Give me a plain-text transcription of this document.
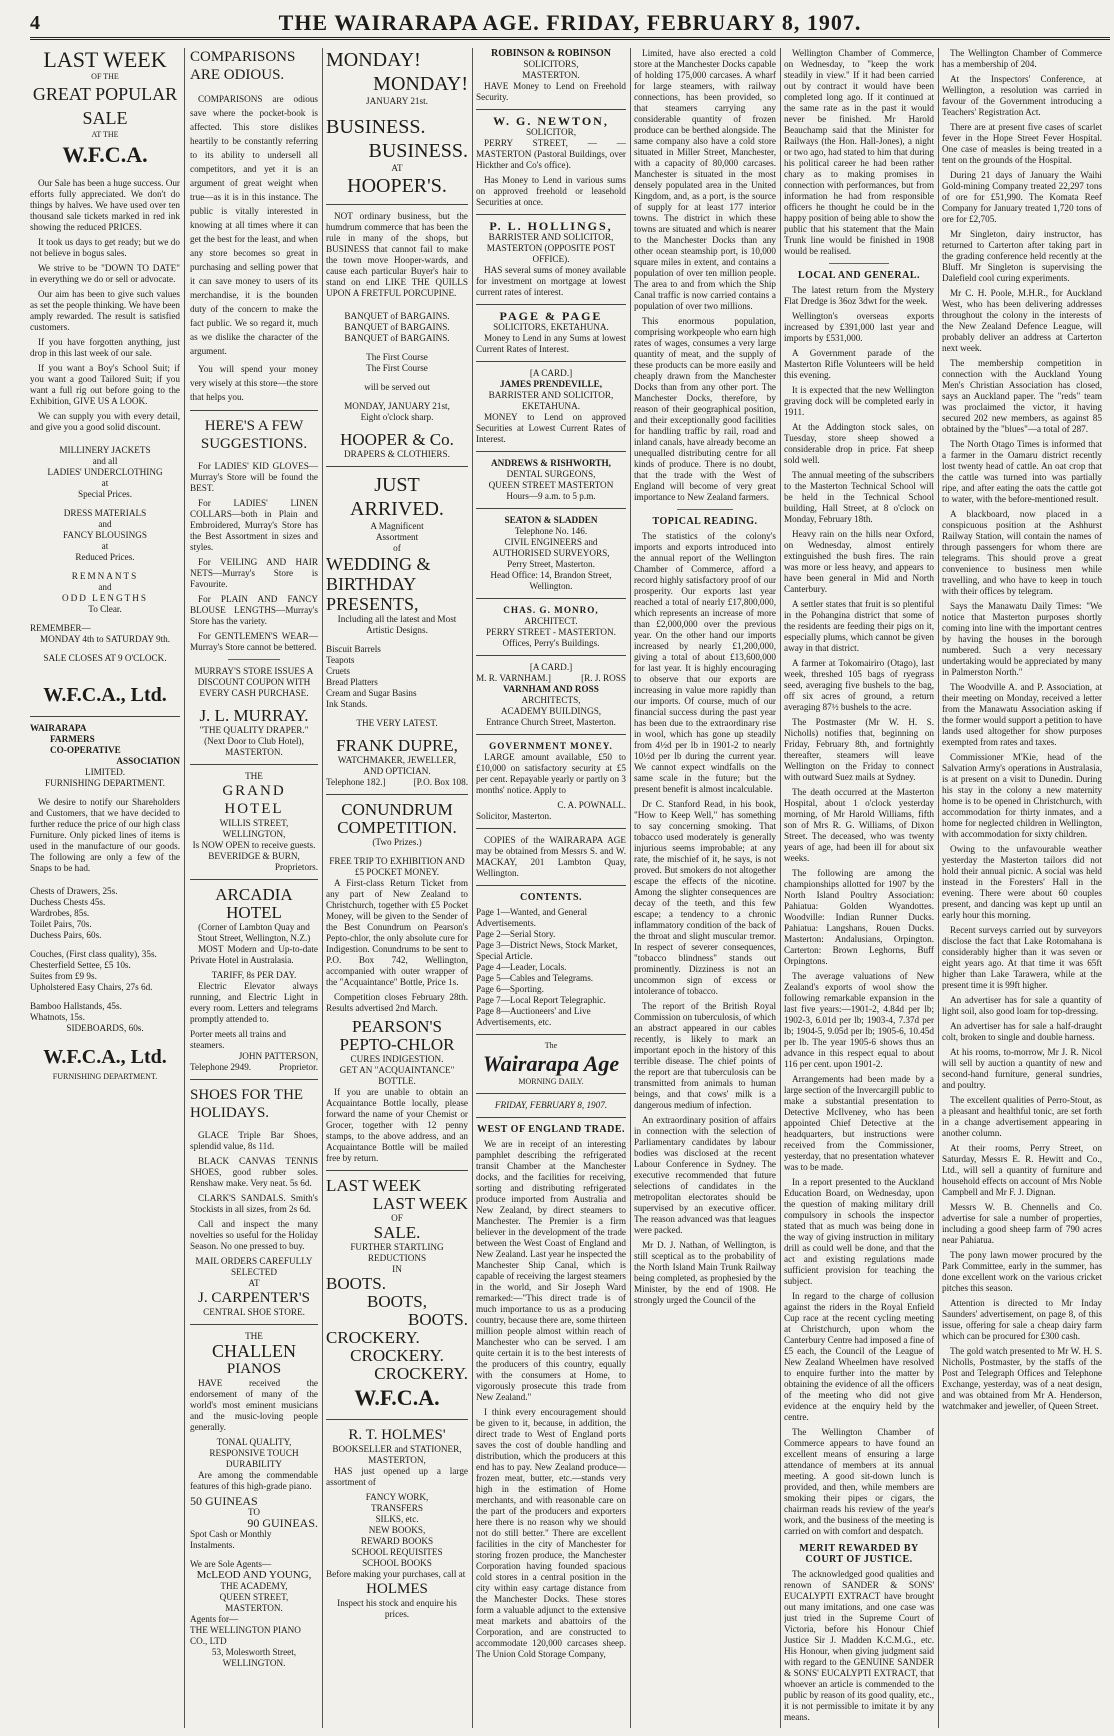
4	THE WAIRARAPA AGE. FRIDAY, FEBRUARY 8, 1907.
LAST WEEK
OF THE
GREAT POPULAR
SALE
AT THE
W.F.C.A.
Our Sale has been a huge success. Our efforts fully appreciated. We don't do things by halves. We have used over ten thousand sale tickets marked in red ink showing the reduced PRICES.
It took us days to get ready; but we do not believe in bogus sales.
We strive to be "DOWN TO DATE" in everything we do or sell or advocate.
Our aim has been to give such values as set the people thinking. We have been amply rewarded. The result is satisfied customers.
If you have forgotten anything, just drop in this last week of our sale.
If you want a Boy's School Suit; if you want a good Tailored Suit; if you want a full rig out before going to the Exhibition, GIVE US A LOOK.
We can supply you with every detail, and give you a good solid discount.
MILLINERY JACKETS
and all
LADIES' UNDERCLOTHING
at
Special Prices.
DRESS MATERIALS
and
FANCY BLOUSINGS
at
Reduced Prices.
REMNANTS
and
ODD LENGTHS
To Clear.
REMEMBER—
MONDAY 4th to SATURDAY 9th.
SALE CLOSES AT 9 O'CLOCK.
W.F.C.A., Ltd.
WAIRARAPA
FARMERS
CO-OPERATIVE
ASSOCIATION
LIMITED.
FURNISHING DEPARTMENT.
We desire to notify our Shareholders and Customers, that we have decided to further reduce the price of our high class Furniture. Only picked lines of items is used in the manufacture of our goods. The following are only a few of the Snaps to be had.
Chests of Drawers, 25s.
Duchess Chests 45s.
Wardrobes, 85s.
Toilet Pairs, 70s.
Duchess Pairs, 60s.
Couches, (First class quality), 35s.
Chesterfield Settee, £5 10s.
Suites from £9 9s.
Upholstered Easy Chairs, 27s 6d.
Bamboo Hallstands, 45s.
Whatnots, 15s.
SIDEBOARDS, 60s.
W.F.C.A., Ltd.
FURNISHING DEPARTMENT.
COMPARISONS ARE ODIOUS.
COMPARISONS are odious save where the pocket-book is affected. This store dislikes heartily to be constantly referring to its ability to undersell all competitors, and yet it is an argument of great weight when true—as it is in this instance. The public is vitally interested in knowing at all times where it can get the best for the least, and when any store becomes so great in purchasing and selling power that it can save money to users of its merchandise, it is the bounden duty of the concern to make the fact public. We so regard it, much as we dislike the character of the argument.
You will spend your money very wisely at this store—the store that helps you.
HERE'S A FEW SUGGESTIONS.
For LADIES' KID GLOVES—Murray's Store will be found the BEST.
For LADIES' LINEN COLLARS—both in Plain and Embroidered, Murray's Store has the Best Assortment in sizes and styles.
For VEILING AND HAIR NETS—Murray's Store is Favourite.
For PLAIN AND FANCY BLOUSE LENGTHS—Murray's Store has the variety.
For GENTLEMEN'S WEAR—Murray's Store cannot be bettered.
MURRAY'S STORE ISSUES A DISCOUNT COUPON WITH EVERY CASH PURCHASE.
J. L. MURRAY.
"THE QUALITY DRAPER."
(Next Door to Club Hotel),
MASTERTON.
THE
GRAND HOTEL
WILLIS STREET, WELLINGTON,
Is NOW OPEN to receive guests.
BEVERIDGE & BURN,
Proprietors.
ARCADIA HOTEL
(Corner of Lambton Quay and Stout Street, Wellington, N.Z.)
MOST Modern and Up-to-date Private Hotel in Australasia.
TARIFF, 8s PER DAY.
Electric Elevator always running, and Electric Light in every room. Letters and telegrams promptly attended to.
Porter meets all trains and steamers.
JOHN PATTERSON,
Telephone 2949.	Proprietor.
SHOES FOR THE HOLIDAYS.
GLACE Triple Bar Shoes, splendid value, 8s 11d.
BLACK CANVAS TENNIS SHOES, good rubber soles. Renshaw make. Very neat. 5s 6d.
CLARK'S SANDALS. Smith's Stockists in all sizes, from 2s 6d.
Call and inspect the many novelties so useful for the Holiday Season. No one pressed to buy.
MAIL ORDERS CAREFULLY SELECTED
AT
J. CARPENTER'S
CENTRAL SHOE STORE.
THE
CHALLEN
PIANOS
HAVE received the endorsement of many of the world's most eminent musicians and the music-loving people generally.
TONAL QUALITY,
RESPONSIVE TOUCH
DURABILITY
Are among the commendable features of this high-grade piano.
50 GUINEAS
TO
90 GUINEAS.
Spot Cash or Monthly Instalments.
We are Sole Agents—
McLEOD AND YOUNG,
THE ACADEMY,
QUEEN STREET, MASTERTON.
Agents for—
THE WELLINGTON PIANO CO., LTD
53, Molesworth Street,
WELLINGTON.
MONDAY!
MONDAY!
JANUARY 21st.
BUSINESS.
BUSINESS.
AT
HOOPER'S.
NOT ordinary business, but the humdrum commerce that has been the rule in many of the shops, but BUSINESS that cannot fail to make the town move Hooper-wards, and cause each particular Buyer's hair to stand on end LIKE THE QUILLS UPON A FRETFUL PORCUPINE.
BANQUET of BARGAINS.
BANQUET of BARGAINS.
BANQUET of BARGAINS.
The First Course
The First Course
will be served out
MONDAY, JANUARY 21st,
Eight o'clock sharp.
HOOPER & Co.
DRAPERS & CLOTHIERS.
JUST ARRIVED.
A Magnificent
Assortment
of
WEDDING & BIRTHDAY PRESENTS,
Including all the latest and Most Artistic Designs.
Biscuit Barrels
Teapots
Cruets
Bread Platters
Cream and Sugar Basins
Ink Stands.
THE VERY LATEST.
FRANK DUPRE,
WATCHMAKER, JEWELLER,
AND OPTICIAN.
Telephone 182.]	[P.O. Box 108.
CONUNDRUM
COMPETITION.
(Two Prizes.)
FREE TRIP TO EXHIBITION AND £5 POCKET MONEY.
A First-class Return Ticket from any part of New Zealand to Christchurch, together with £5 Pocket Money, will be given to the Sender of the Best Conundrum on Pearson's Pepto-chlor, the only absolute cure for Indigestion. Conundrums to be sent to P.O. Box 742, Wellington, accompanied with outer wrapper of the "Acquaintance" Bottle, Price 1s.
Competition closes February 28th. Results advertised 2nd March.
PEARSON'S
PEPTO-CHLOR
CURES INDIGESTION.
GET AN "ACQUAINTANCE" BOTTLE.
If you are unable to obtain an Acquaintance Bottle locally, please forward the name of your Chemist or Grocer, together with 12 penny stamps, to the above address, and an Acquaintance Bottle will be mailed free by return.
LAST WEEK
LAST WEEK
OF
SALE.
FURTHER STARTLING REDUCTIONS
IN
BOOTS.
BOOTS,
BOOTS.
CROCKERY.
CROCKERY.
CROCKERY.
W.F.C.A.
R. T. HOLMES'
BOOKSELLER and STATIONER,
MASTERTON,
HAS just opened up a large assortment of
FANCY WORK,
TRANSFERS
SILKS, etc.
NEW BOOKS,
REWARD BOOKS
SCHOOL REQUISITES
SCHOOL BOOKS
Before making your purchases, call at
HOLMES
Inspect his stock and enquire his prices.
ROBINSON & ROBINSON
SOLICITORS,
MASTERTON.
HAVE Money to Lend on Freehold Security.
W. G. NEWTON,
SOLICITOR,
PERRY STREET, — — MASTERTON (Pastoral Buildings, over Hickther and Co's office).
Has Money to Lend in various sums on approved freehold or leasehold Securities at once.
P. L. HOLLINGS,
BARRISTER AND SOLICITOR,
MASTERTON (OPPOSITE POST OFFICE).
HAS several sums of money available for investment on mortgage at lowest current rates of interest.
PAGE & PAGE
SOLICITORS, EKETAHUNA.
Money to Lend in any Sums at lowest Current Rates of Interest.
[A CARD.]
JAMES PRENDEVILLE,
BARRISTER AND SOLICITOR,
EKETAHUNA.
MONEY to Lend on approved Securities at Lowest Current Rates of Interest.
ANDREWS & RISHWORTH,
DENTAL SURGEONS,
QUEEN STREET MASTERTON
Hours—9 a.m. to 5 p.m.
SEATON & SLADDEN
Telephone No. 146.
CIVIL ENGINEERS and AUTHORISED SURVEYORS,
Perry Street, Masterton.
Head Office: 14, Brandon Street, Wellington.
CHAS. G. MONRO,
ARCHITECT.
PERRY STREET - MASTERTON.
Offices, Perry's Buildings.
[A CARD.]
M. R. VARNHAM.]	[R. J. ROSS
VARNHAM AND ROSS
ARCHITECTS,
ACADEMY BUILDINGS,
Entrance Church Street, Masterton.
GOVERNMENT MONEY.
LARGE amount available, £50 to £10,000 on satisfactory security at £5 per cent. Repayable yearly or partly on 3 months' notice. Apply to
C. A. POWNALL.
Solicitor, Masterton.
COPIES of the WAIRARAPA AGE may be obtained from Messrs S. and W. MACKAY, 201 Lambton Quay, Wellington.
CONTENTS.
Page 1—Wanted, and General Advertisements.
Page 2—Serial Story.
Page 3—District News, Stock Market, Special Article.
Page 4—Leader, Locals.
Page 5—Cables and Telegrams.
Page 6—Sporting.
Page 7—Local Report Telegraphic.
Page 8—Auctioneers' and Live Advertisements, etc.
The
Wairarapa Age
MORNING DAILY.
FRIDAY, FEBRUARY 8, 1907.
WEST OF ENGLAND TRADE.
We are in receipt of an interesting pamphlet describing the refrigerated transit Chamber at the Manchester docks, and the facilities for receiving, sorting and distributing refrigerated produce imported from Australia and New Zealand, by direct steamers to Manchester. The Premier is a firm believer in the development of the trade between the West Coast of England and New Zealand. Last year he inspected the Manchester Ship Canal, which is capable of receiving the largest steamers in the world, and Sir Joseph Ward remarked:—"This direct trade is of much importance to us as a producing country, because there are, some thirteen million people almost within reach of Manchester who can be served. I am quite certain it is to the best interests of the producers of this country, equally with the consumers at Home, to vigorously prosecute this trade from New Zealand."
I think every encouragement should be given to it, because, in addition, the direct trade to West of England ports saves the cost of double handling and distribution, which the producers at this end has to pay. New Zealand produce—frozen meat, butter, etc.—stands very high in the estimation of Home merchants, and with reasonable care on the part of the producers and exporters here there is no reason why we should not do still better." There are excellent facilities in the city of Manchester for storing frozen produce, the Manchester Corporation having founded spacious cold stores in a central position in the city within easy cartage distance from the Manchester Docks. These stores form a valuable adjunct to the extensive meat markets and abattoirs of the Corporation, and are constructed to accommodate 120,000 carcases sheep. The Union Cold Storage Company,
Limited, have also erected a cold store at the Manchester Docks capable of holding 175,000 carcases. A wharf for large steamers, with railway connections, has been provided, so that steamers carrying any considerable quantity of frozen produce can be berthed alongside. The same company also have a cold store situated in Miller Street, Manchester, with a capacity of 80,000 carcases. Manchester is situated in the most densely populated area in the United Kingdom, and, as a port, is the source of supply for at least 177 interior towns. The district in which these towns are situated and which is nearer to the Manchester Docks than any other ocean steamship port, is 10,000 square miles in extent, and contains a population of over ten million people. The area to and from which the Ship Canal traffic is now carried contains a population of over two millions.
This enormous population, comprising workpeople who earn high rates of wages, consumes a very large quantity of meat, and the supply of these products can be more easily and cheaply drawn from the Manchester Docks than from any other port. The Manchester Docks, therefore, by reason of their geographical position, and their exceptionally good facilities for handling traffic by rail, road and inland canals, have already become an unequalled distributing centre for all kinds of produce. There is no doubt, that the trade with the West of England will become of very great importance to New Zealand farmers.
TOPICAL READING.
The statistics of the colony's imports and exports introduced into the annual report of the Wellington Chamber of Commerce, afford a record highly satisfactory proof of our prosperity. Our exports last year reached a total of nearly £17,800,000, which represents an increase of more than £2,000,000 over the previous year. On the other hand our imports increased by nearly £1,200,000, giving a total of about £13,600,000 for last year. It is highly encouraging to observe that our exports are increasing in value more rapidly than our imports. Of course, much of our financial success during the past year has been due to the extraordinary rise in wool, which has gone up steadily from 4½d per lb in 1901-2 to nearly 10½d per lb during the current year. We cannot expect windfalls on the same scale in the future; but the present benefit is almost incalculable.
Dr C. Stanford Read, in his book, "How to Keep Well," has something to say concerning smoking. That tobacco used moderately is generally injurious seems improbable; at any rate, the mischief of it, he says, is not proved. But smokers do not altogether escape the effects of the nicotine. Among the slighter consequences are decay of the teeth, and this few escape; a tendency to a chronic inflammatory condition of the back of the throat and slight muscular tremor. In respect of severer consequences, "tobacco blindness" stands out prominently. Dizziness is not an uncommon sign of excess or intolerance of tobacco.
The report of the British Royal Commission on tuberculosis, of which an abstract appeared in our cables recently, is likely to mark an important epoch in the history of this terrible disease. The chief points of the report are that tuberculosis can be transmitted from animals to human beings, and that cows' milk is a dangerous medium of infection.
An extraordinary position of affairs in connection with the selection of Parliamentary candidates by labour bodies was disclosed at the recent Labour Conference in Sydney. The executive recommended that future selections of candidates in the metropolitan electorates should be supervised by an executive officer. The reason advanced was that leagues were packed.
Mr D. J. Nathan, of Wellington, is still sceptical as to the probability of the North Island Main Trunk Railway being completed, as prophesied by the Minister, by the end of 1908. He strongly urged the Council of the
Wellington Chamber of Commerce, on Wednesday, to "keep the work steadily in view." If it had been carried out by contract it would have been completed long ago. If it continued at the same rate as in the past it would never be finished. Mr Harold Beauchamp said that the Minister for Railways (the Hon. Hall-Jones), a night or two ago, had stated to him that during his political career he had been rather chary as to making promises in connection with performances, but from information he had from responsible officers he thought he could be in the happy position of being able to show the public that his statement that the Main Trunk line would be finished in 1908 would be realised.
LOCAL AND GENERAL.
The latest return from the Mystery Flat Dredge is 36oz 3dwt for the week.
Wellington's overseas exports increased by £391,000 last year and imports by £531,000.
A Government parade of the Masterton Rifle Volunteers will be held this evening.
It is expected that the new Wellington graving dock will be completed early in 1911.
At the Addington stock sales, on Tuesday, store sheep showed a considerable drop in price. Fat sheep sold well.
The annual meeting of the subscribers to the Masterton Technical School will be held in the Technical School building, Hall Street, at 8 o'clock on Monday, February 18th.
Heavy rain on the hills near Oxford, on Wednesday, almost entirely extinguished the bush fires. The rain was more or less heavy, and appears to have been general in Mid and North Canterbury.
A settler states that fruit is so plentiful in the Pohangina district that some of the residents are feeding their pigs on it, especially plums, which cannot be given away in that district.
A farmer at Tokomairiro (Otago), last week, threshed 105 bags of ryegrass seed, averaging five bushels to the bag, off six acres of ground, a return averaging 87½ bushels to the acre.
The Postmaster (Mr W. H. S. Nicholls) notifies that, beginning on Friday, February 8th, and fortnightly thereafter, steamers will leave Wellington on the Friday to connect with outward Suez mails at Sydney.
The death occurred at the Masterton Hospital, about 1 o'clock yesterday morning, of Mr Harold Williams, fifth son of Mrs R. G. Williams, of Dixon Street. The deceased, who was twenty years of age, had been ill for about six weeks.
The following are among the championships allotted for 1907 by the North Island Poultry Association: Pahiatua: Golden Wyandottes. Woodville: Indian Runner Ducks. Pahiatua: Langshans, Rouen Ducks. Masterton: Andalusians, Orpington. Carterton: Brown Leghorns, Buff Orpingtons.
The average valuations of New Zealand's exports of wool show the following remarkable expansion in the last five years:—1901-2, 4.84d per lb; 1902-3, 6.01d per lb; 1903-4, 7.37d per lb; 1904-5, 9.05d per lb; 1905-6, 10.45d per lb. The year 1905-6 shows thus an advance in this respect equal to about 116 per cent. upon 1901-2.
Arrangements had been made by a large section of the Invercargill public to make a substantial presentation to Detective McIlveney, who has been appointed Chief Detective at the headquarters, but instructions were received from the Commissioner, yesterday, that no presentation whatever was to be made.
In a report presented to the Auckland Education Board, on Wednesday, upon the question of making military drill compulsory in schools the inspector stated that as much was being done in the way of giving instruction in military drill as could well be done, and that the act and existing regulations made sufficient provision for teaching the subject.
In regard to the charge of collusion against the riders in the Royal Enfield Cup race at the recent cycling meeting at Christchurch, upon whom the Canterbury Centre had imposed a fine of £5 each, the Council of the League of New Zealand Wheelmen have resolved to enquire further into the matter by obtaining the evidence of all the officers of the meeting who did not give evidence at the enquiry held by the centre.
The Wellington Chamber of Commerce appears to have found an excellent means of ensuring a large attendance of members at its annual meeting. A good sit-down lunch is provided, and then, while members are smoking their pipes or cigars, the chairman reads his review of the year's work, and the business of the meeting is carried on with comfort and despatch.
MERIT REWARDED BY COURT OF JUSTICE.
The acknowledged good qualities and renown of SANDER & SONS' EUCALYPTI EXTRACT have brought out many imitations, and one case was just tried in the Supreme Court of Victoria, before his Honour Chief Justice Sir J. Madden K.C.M.G., etc. His Honour, when giving judgment said with regard to the GENUINE SANDER & SONS' EUCALYPTI EXTRACT, that whoever an article is commended to the public by reason of its good quality, etc., it is not permissible to imitate it by any means.
The Wellington Chamber of Commerce has a membership of 204.
At the Inspectors' Conference, at Wellington, a resolution was carried in favour of the Government introducing a Teachers' Registration Act.
There are at present five cases of scarlet fever in the Hope Street Fever Hospital. One case of measles is being treated in a tent on the grounds of the Hospital.
During 21 days of January the Waihi Gold-mining Company treated 22,297 tons of ore for £51,990. The Komata Reef Company for January treated 1,720 tons of ore for £2,705.
Mr Singleton, dairy instructor, has returned to Carterton after taking part in the grading conference held recently at the Bluff. Mr Singleton is supervising the Dalefield cool curing experiments.
Mr C. H. Poole, M.H.R., for Auckland West, who has been delivering addresses throughout the colony in the interests of the New Zealand Defence League, will probably deliver an address at Carterton next week.
The membership competition in connection with the Auckland Young Men's Christian Association has closed, says an Auckland paper. The "reds" team was proclaimed the victor, it having secured 202 new members, as against 85 obtained by the "blues"—a total of 287.
The North Otago Times is informed that a farmer in the Oamaru district recently lost twenty head of cattle. An oat crop that the cattle was turned into was partially ripe, and after eating the oats the cattle got to water, with the before-mentioned result.
A blackboard, now placed in a conspicuous position at the Ashhurst Railway Station, will contain the names of through passengers for whom there are telegrams. This should prove a great convenience to business men while travelling, and who have to keep in touch with their offices by telegram.
Says the Manawatu Daily Times: "We notice that Masterton purposes shortly coming into line with the important centres by having the houses in the borough numbered. Such a very necessary undertaking would be appreciated by many in Palmerston North."
The Woodville A. and P. Association, at their meeting on Monday, received a letter from the Manawatu Association asking if the former would support a petition to have lands used altogether for show purposes exempted from rates and taxes.
Commissioner M'Kie, head of the Salvation Army's operations in Australasia, is at present on a visit to Dunedin. During his stay in the colony a new maternity home is to be opened in Christchurch, with accommodation for thirty inmates, and a home for neglected children in Wellington, with accommodation for sixty children.
Owing to the unfavourable weather yesterday the Masterton tailors did not hold their annual picnic. A social was held instead in the Foresters' Hall in the evening. There were about 60 couples present, and dancing was kept up until an early hour this morning.
Recent surveys carried out by surveyors disclose the fact that Lake Rotomahana is considerably higher than it was seven or eight years ago. At that time it was 65ft higher than Lake Tarawera, while at the present time it is 99ft higher.
An advertiser has for sale a quantity of light soil, also good loam for top-dressing.
An advertiser has for sale a half-draught colt, broken to single and double harness.
At his rooms, to-morrow, Mr J. R. Nicol will sell by auction a quantity of new and second-hand furniture, general sundries, and poultry.
The excellent qualities of Perro-Stout, as a pleasant and healthful tonic, are set forth in a change advertisement appearing in another column.
At their rooms, Perry Street, on Saturday, Messrs E. R. Hewitt and Co., Ltd., will sell a quantity of furniture and household effects on account of Mrs Noble Campbell and Mr F. J. Dignan.
Messrs W. B. Chennells and Co. advertise for sale a number of properties, including a good sheep farm of 790 acres near Pahiatua.
The pony lawn mower procured by the Park Committee, early in the summer, has done excellent work on the various cricket pitches this season.
Attention is directed to Mr Inday Saunders' advertisement, on page 8, of this issue, offering for sale a cheap dairy farm which can be procured for £300 cash.
The gold watch presented to Mr W. H. S. Nicholls, Postmaster, by the staffs of the Post and Telegraph Offices and Telephone Exchange, yesterday, was of a neat design, and was obtained from Mr A. Henderson, watchmaker and jeweller, of Queen Street.
